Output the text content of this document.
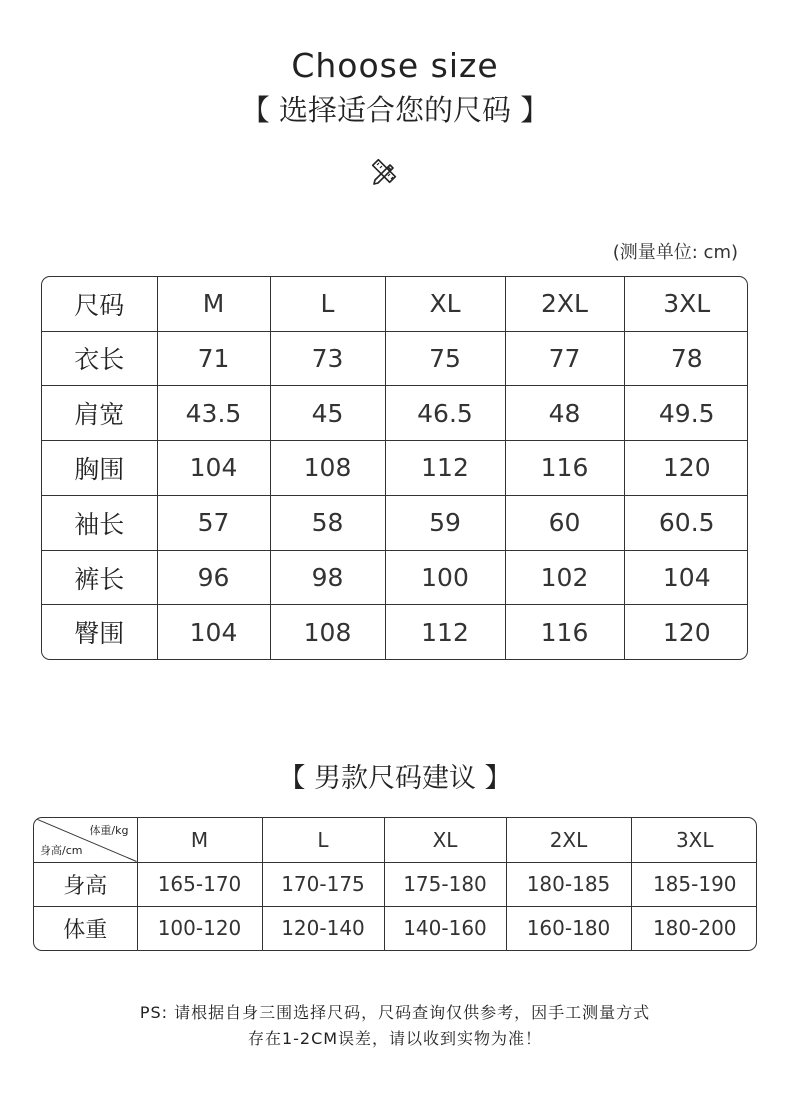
Choose size
【 选择适合您的尺码 】
(测量单位: cm)
尺码	M	L	XL	2XL	3XL
衣长	71	73	75	77	78
肩宽	43.5	45	46.5	48	49.5
胸围	104	108	112	116	120
袖长	57	58	59	60	60.5
裤长	96	98	100	102	104
臀围	104	108	112	116	120
【 男款尺码建议 】
体重/kg
身高/cm	M	L	XL	2XL	3XL
身高	165-170	170-175	175-180	180-185	185-190
体重	100-120	120-140	140-160	160-180	180-200
PS: 请根据自身三围选择尺码，尺码查询仅供参考，因手工测量方式
存在1-2CM误差，请以收到实物为准！
